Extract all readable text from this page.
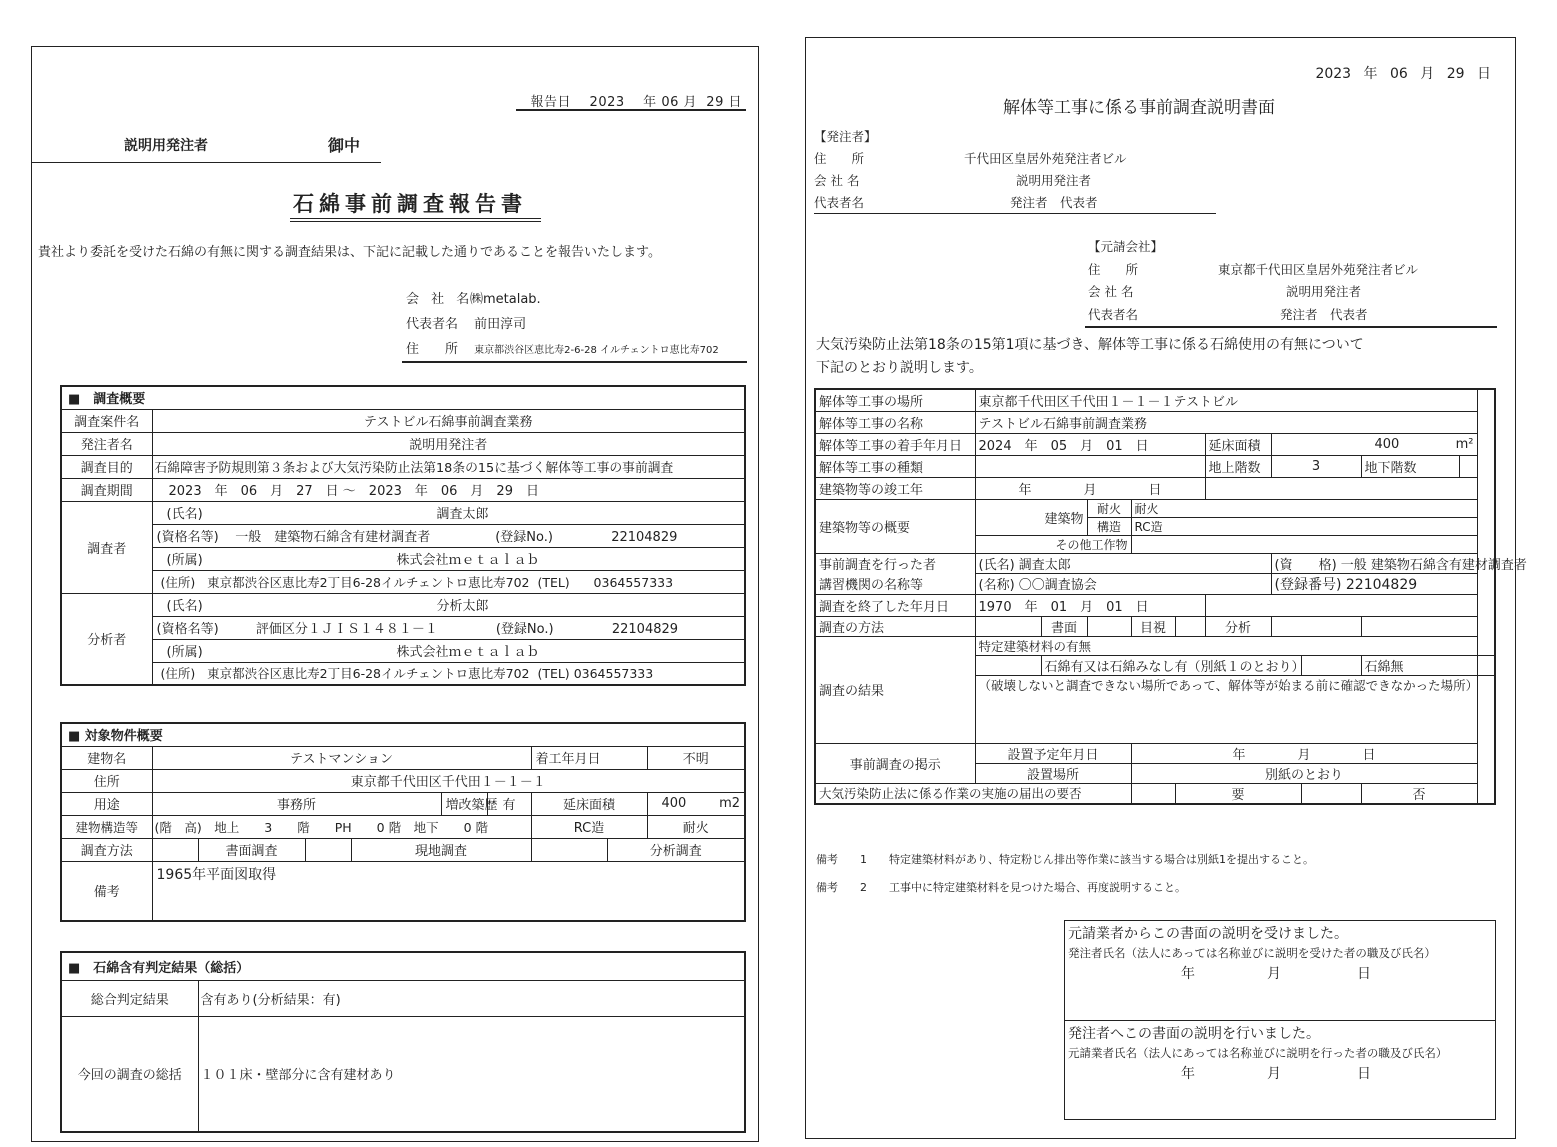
報告日 2023 年 06 月 29 日
説明用発注者	御中
石綿事前調査報告書
貴社より委託を受けた石綿の有無に関する調査結果は、下記に記載した通りであることを報告いたします。
会 社 名㈱metalab.
代表者名 前田淳司
住　　所 東京都渋谷区恵比寿2-6-28 イルチェントロ恵比寿702
■　調査概要	
調査案件名	テストビル石綿事前調査業務
発注者名	説明用発注者
調査目的	石綿障害予防規則第３条および大気汚染防止法第18条の15に基づく解体等工事の事前調査
調査期間	2023　年　06　月　27　日 ～　2023　年　06　月　29　日
調査者	(氏名) 調査太郎
	(資格名等) 一般　建築物石綿含有建材調査者 (登録No.) 22104829
	(所属) 株式会社ｍｅｔａｌａｂ
	(住所) 東京都渋谷区恵比寿2丁目6-28イルチェントロ恵比寿702 (TEL) 0364557333
分析者	(氏名) 分析太郎
	(資格名等) 評価区分１ＪＩＳ１４８１－１ (登録No.) 22104829
	(所属) 株式会社ｍｅｔａｌａｂ
	(住所) 東京都渋谷区恵比寿2丁目6-28イルチェントロ恵比寿702 (TEL) 0364557333
■ 対象物件概要									
建物名	テストマンション						着工年月日		不明
住所	東京都千代田区千代田１－１－１								
用途	事務所				増改築歴	有	延床面積		400 m2

建物構造等	(階　高)　地上　　3　　階　　PH　　0 階　地下　　0 階						RC造		耐火
調査方法		書面調査		現地調査				分析調査	
備考	1965年平面図取得								
■　石綿含有判定結果（総括）	
総合判定結果	含有あり(分析結果：有)
今回の調査の総括	１０１床・壁部分に含有建材あり
2023 年 06 月 29 日
解体等工事に係る事前調査説明書面
【発注者】
住　　所	千代田区皇居外苑発注者ビル
会 社 名	説明用発注者
代表者名	発注者　代表者
【元請会社】
住　　所	東京都千代田区皇居外苑発注者ビル
会 社 名	説明用発注者
代表者名	発注者　代表者
大気汚染防止法第18条の15第1項に基づき、解体等工事に係る石綿使用の有無について
下記のとおり説明します。
解体等工事の場所	東京都千代田区千代田１－１－１テストビル										
解体等工事の名称	テストビル石綿事前調査業務										
解体等工事の着手年月日	2024　年　05　月　01　日					延床面積	400 m²				

解体等工事の種類						地上階数	3		地下階数		
建築物等の竣工年	年　　　　月　　　　日										
建築物等の概要	建築物		耐火	耐火							
			構造	RC造							
	その他工作物										
事前調査を行った者	(氏名) 調査太郎						(資　　格) 一般 建築物石綿含有建材調査者				
講習機関の名称等	(名称) 〇〇調査協会						(登録番号) 22104829				
調査を終了した年月日	1970　年　01　月　01　日										
調査の方法		書面		目視		分析					
調査の結果	特定建築材料の有無										
		石綿有又は石綿みなし有（別紙１のとおり）							石綿無		
	（破壊しないと調査できない場所であって、解体等が始まる前に確認できなかった場所）										
事前調査の掲示	設置予定年月日			年　　　　月　　　　日							
	設置場所			別紙のとおり							
大気汚染防止法に係る作業の実施の届出の要否					要				否		
備考　　1　　特定建築材料があり、特定粉じん排出等作業に該当する場合は別紙1を提出すること。
備考　　2　　工事中に特定建築材料を見つけた場合、再度説明すること。
元請業者からこの書面の説明を受けました。
発注者氏名（法人にあっては名称並びに説明を受けた者の職及び氏名）
年	月	日
発注者へこの書面の説明を行いました。
元請業者氏名（法人にあっては名称並びに説明を行った者の職及び氏名）
年	月	日
